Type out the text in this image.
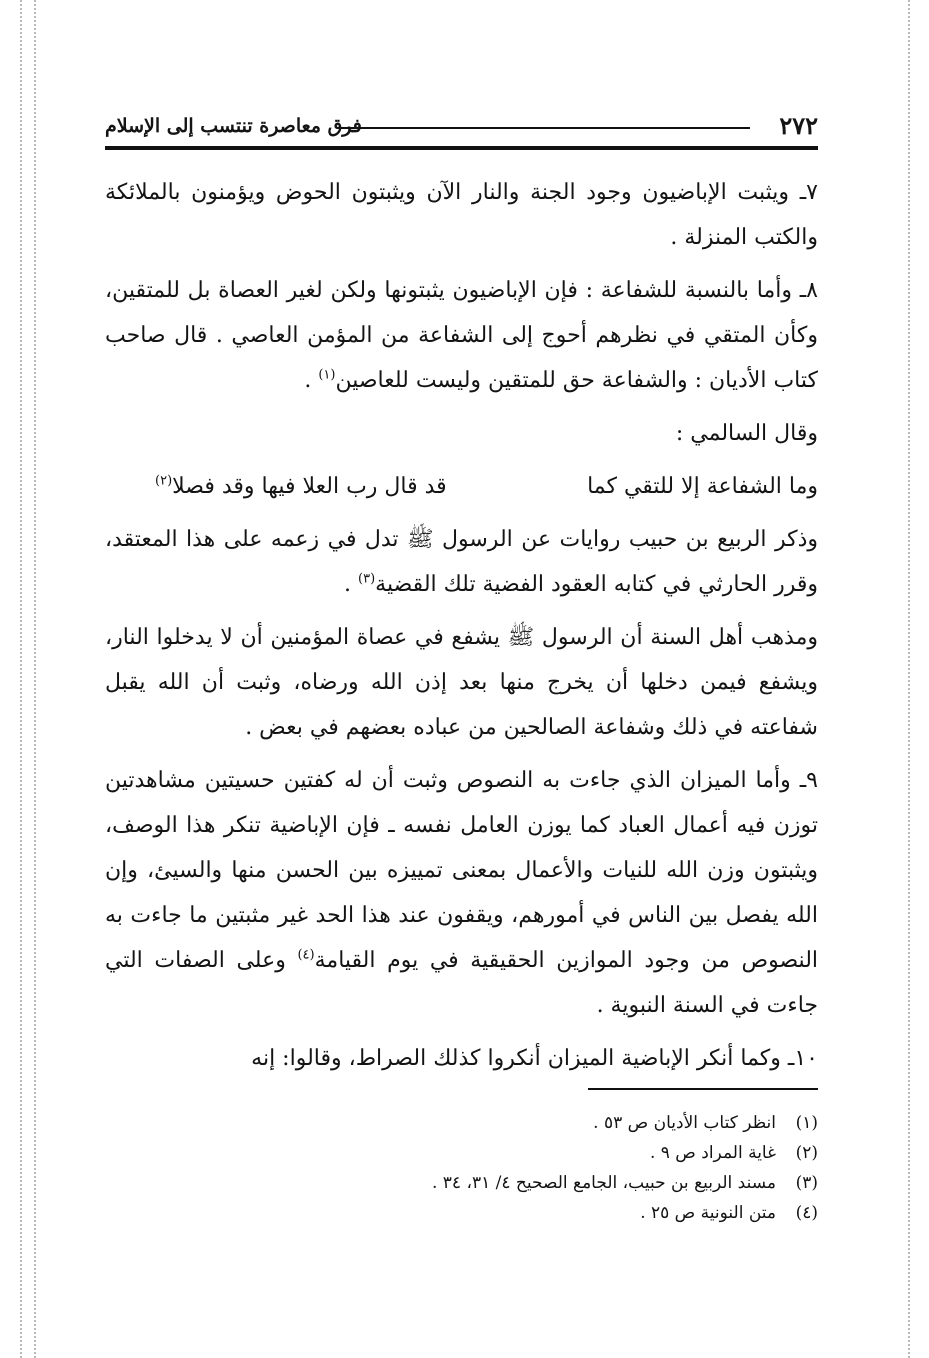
٢٧٢
فرق معاصرة تنتسب إلى الإسلام

٧ـ ويثبت الإباضيون وجود الجنة والنار الآن ويثبتون الحوض ويؤمنون بالملائكة والكتب المنزلة .

٨ـ وأما بالنسبة للشفاعة : فإن الإباضيون يثبتونها ولكن لغير العصاة بل للمتقين، وكأن المتقي في نظرهم أحوج إلى الشفاعة من المؤمن العاصي . قال صاحب كتاب الأديان : والشفاعة حق للمتقين وليست للعاصين$^{(١)}$ .

وقال السالمي :

وما الشفاعة إلا للتقي كما
قد قال رب العلا فيها وقد فصلا$^{(٢)}$

وذكر الربيع بن حبيب روايات عن الرسول ﷺ تدل في زعمه على هذا المعتقد، وقرر الحارثي في كتابه العقود الفضية تلك القضية$^{(٣)}$ .

ومذهب أهل السنة أن الرسول ﷺ يشفع في عصاة المؤمنين أن لا يدخلوا النار، ويشفع فيمن دخلها أن يخرج منها بعد إذن الله ورضاه، وثبت أن الله يقبل شفاعته في ذلك وشفاعة الصالحين من عباده بعضهم في بعض .

٩ـ وأما الميزان الذي جاءت به النصوص وثبت أن له كفتين حسيتين مشاهدتين توزن فيه أعمال العباد كما يوزن العامل نفسه ـ فإن الإباضية تنكر هذا الوصف، ويثبتون وزن الله للنيات والأعمال بمعنى تمييزه بين الحسن منها والسيئ، وإن الله يفصل بين الناس في أمورهم، ويقفون عند هذا الحد غير مثبتين ما جاءت به النصوص من وجود الموازين الحقيقية في يوم القيامة$^{(٤)}$ وعلى الصفات التي جاءت في السنة النبوية .

١٠ـ وكما أنكر الإباضية الميزان أنكروا كذلك الصراط، وقالوا: إنه

(١)انظر كتاب الأديان ص ٥٣ .
(٢)غاية المراد ص ٩ .
(٣)مسند الربيع بن حبيب، الجامع الصحيح ٤/ ٣١، ٣٤ .
(٤)متن النونية ص ٢٥ .
